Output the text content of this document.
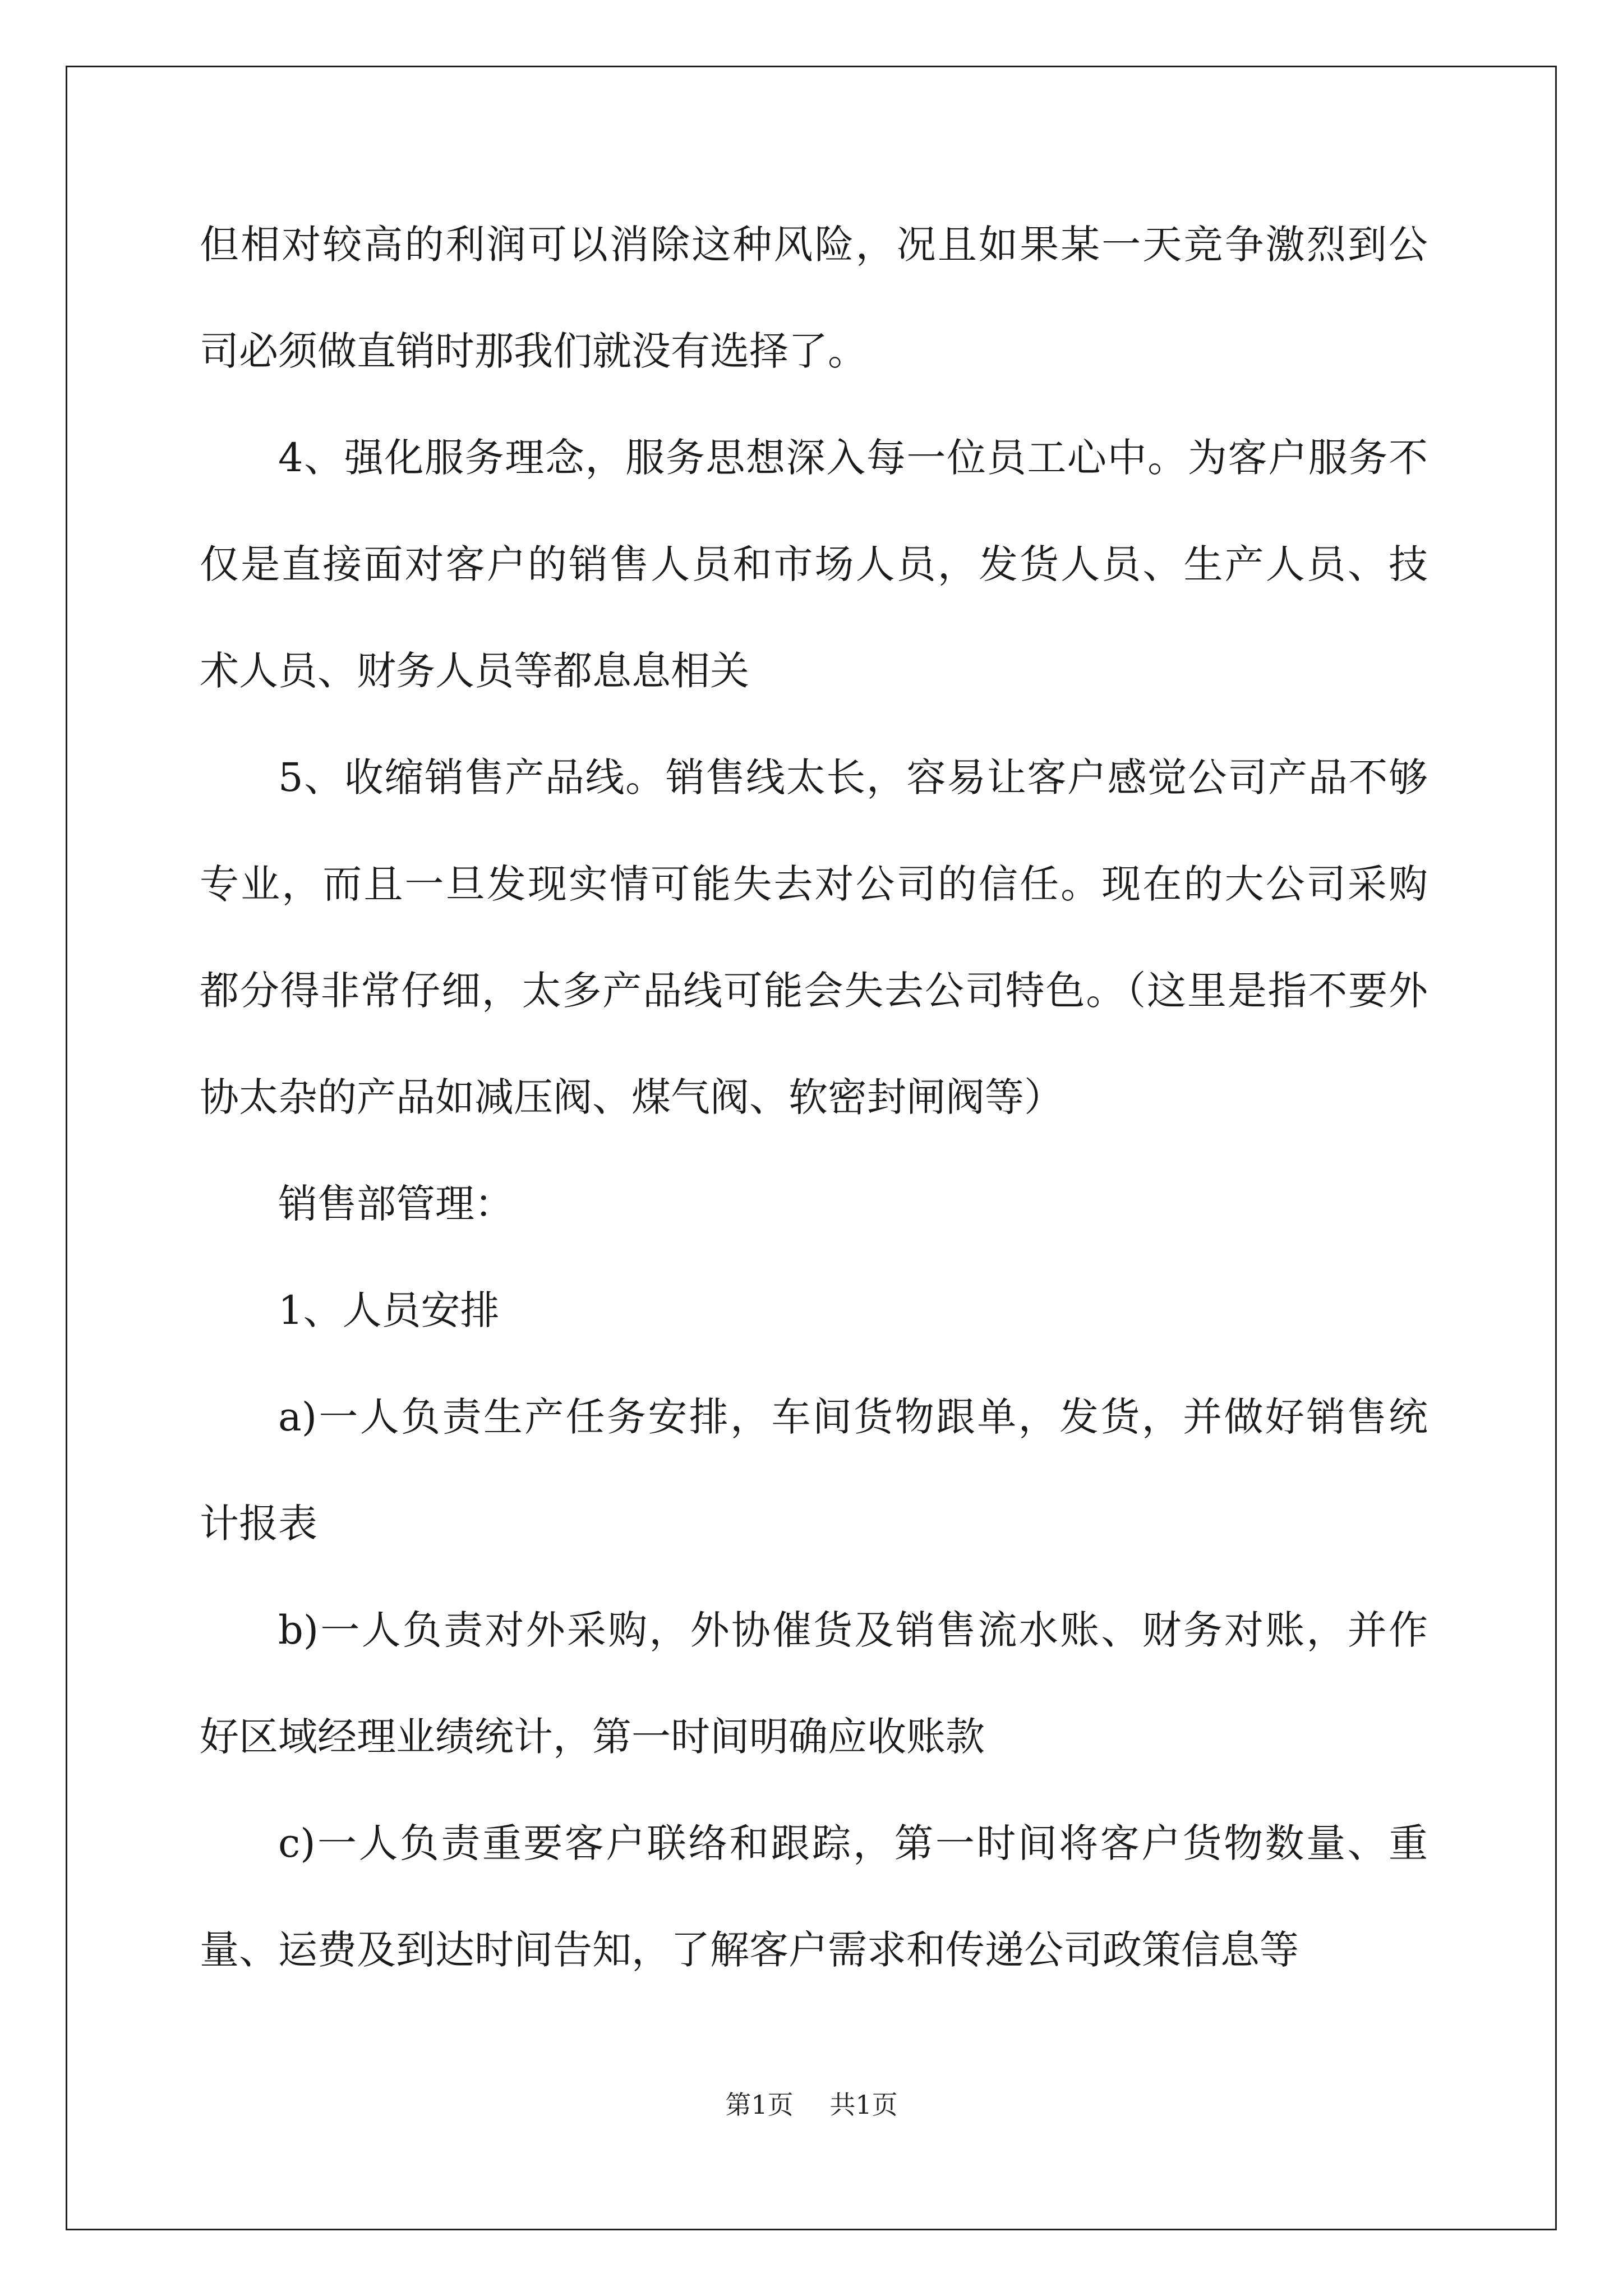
但相对较高的利润可以消除这种风险，况且如果某一天竞争激烈到公
司必须做直销时那我们就没有选择了。
4、强化服务理念，服务思想深入每一位员工心中。为客户服务不
仅是直接面对客户的销售人员和市场人员，发货人员、生产人员、技
术人员、财务人员等都息息相关
5、收缩销售产品线。销售线太长，容易让客户感觉公司产品不够
专业，而且一旦发现实情可能失去对公司的信任。现在的大公司采购
都分得非常仔细，太多产品线可能会失去公司特色。（这里是指不要外
协太杂的产品如减压阀、煤气阀、软密封闸阀等）
销售部管理：
1、人员安排
a)一人负责生产任务安排，车间货物跟单，发货，并做好销售统
计报表
b)一人负责对外采购，外协催货及销售流水账、财务对账，并作
好区域经理业绩统计，第一时间明确应收账款
c)一人负责重要客户联络和跟踪，第一时间将客户货物数量、重
量、运费及到达时间告知，了解客户需求和传递公司政策信息等
第1页 共1页
